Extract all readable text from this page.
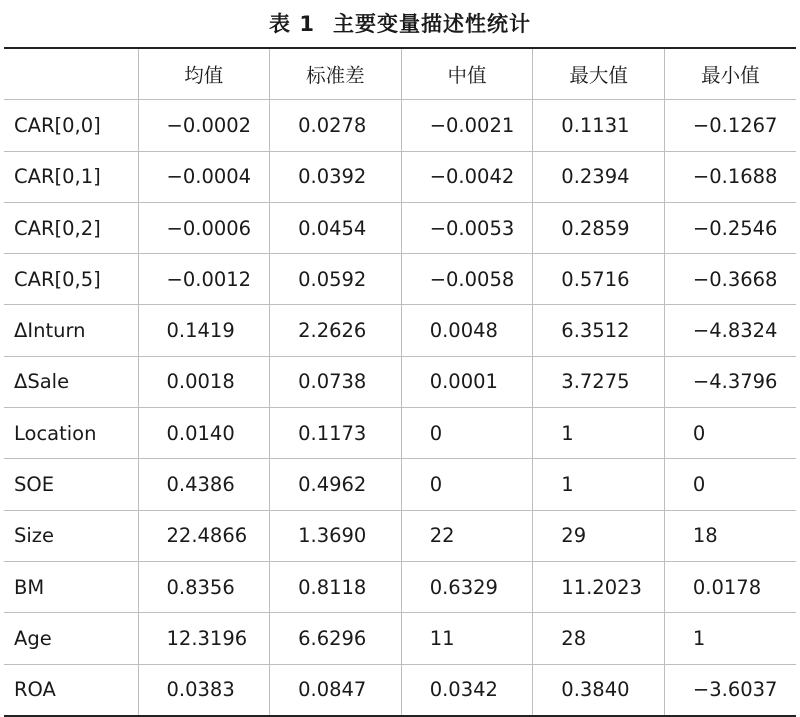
表 1 主要变量描述性统计
	均值	标准差	中值	最大值	最小值
CAR[0,0]	−0.0002	0.0278	−0.0021	0.1131	−0.1267
CAR[0,1]	−0.0004	0.0392	−0.0042	0.2394	−0.1688
CAR[0,2]	−0.0006	0.0454	−0.0053	0.2859	−0.2546
CAR[0,5]	−0.0012	0.0592	−0.0058	0.5716	−0.3668
ΔInturn	0.1419	2.2626	0.0048	6.3512	−4.8324
ΔSale	0.0018	0.0738	0.0001	3.7275	−4.3796
Location	0.0140	0.1173	0	1	0
SOE	0.4386	0.4962	0	1	0
Size	22.4866	1.3690	22	29	18
BM	0.8356	0.8118	0.6329	11.2023	0.0178
Age	12.3196	6.6296	11	28	1
ROA	0.0383	0.0847	0.0342	0.3840	−3.6037
